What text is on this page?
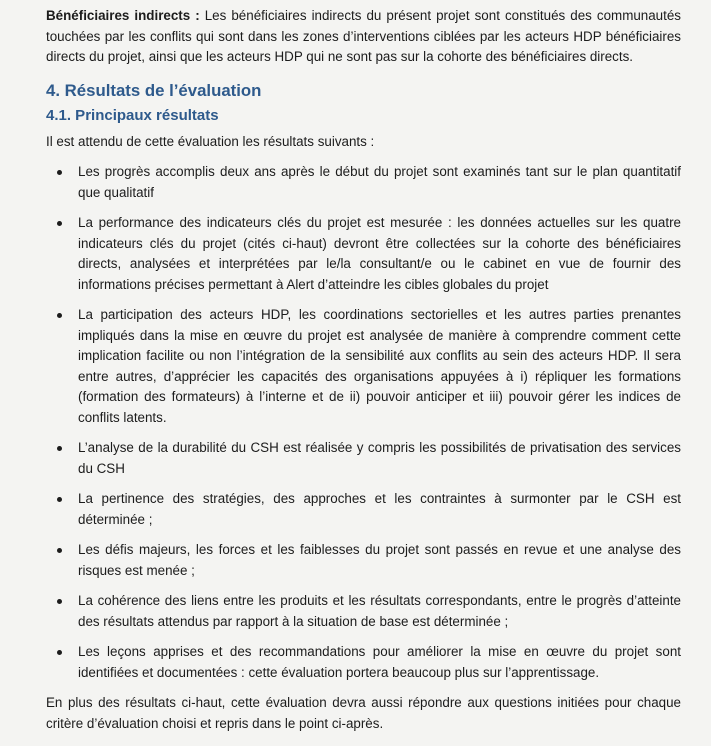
Bénéficiaires indirects : Les bénéficiaires indirects du présent projet sont constitués des communautés touchées par les conflits qui sont dans les zones d’interventions ciblées par les acteurs HDP bénéficiaires directs du projet, ainsi que les acteurs HDP qui ne sont pas sur la cohorte des bénéficiaires directs.

4. Résultats de l’évaluation
4.1. Principaux résultats

Il est attendu de cette évaluation les résultats suivants :

Les progrès accomplis deux ans après le début du projet sont examinés tant sur le plan quantitatif que qualitatif
La performance des indicateurs clés du projet est mesurée : les données actuelles sur les quatre indicateurs clés du projet (cités ci-haut) devront être collectées sur la cohorte des bénéficiaires directs, analysées et interprétées par le/la consultant/e ou le cabinet en vue de fournir des informations précises permettant à Alert d’atteindre les cibles globales du projet
La participation des acteurs HDP, les coordinations sectorielles et les autres parties prenantes impliqués dans la mise en œuvre du projet est analysée de manière à comprendre comment cette implication facilite ou non l’intégration de la sensibilité aux conflits au sein des acteurs HDP. Il sera entre autres, d’apprécier les capacités des organisations appuyées à i) répliquer les formations (formation des formateurs) à l’interne et de ii) pouvoir anticiper et iii) pouvoir gérer les indices de conflits latents.
L’analyse de la durabilité du CSH est réalisée y compris les possibilités de privatisation des services du CSH
La pertinence des stratégies, des approches et les contraintes à surmonter par le CSH est déterminée ;
Les défis majeurs, les forces et les faiblesses du projet sont passés en revue et une analyse des risques est menée ;
La cohérence des liens entre les produits et les résultats correspondants, entre le progrès d’atteinte des résultats attendus par rapport à la situation de base est déterminée ;
Les leçons apprises et des recommandations pour améliorer la mise en œuvre du projet sont identifiées et documentées : cette évaluation portera beaucoup plus sur l’apprentissage.

En plus des résultats ci-haut, cette évaluation devra aussi répondre aux questions initiées pour chaque critère d’évaluation choisi et repris dans le point ci-après.
